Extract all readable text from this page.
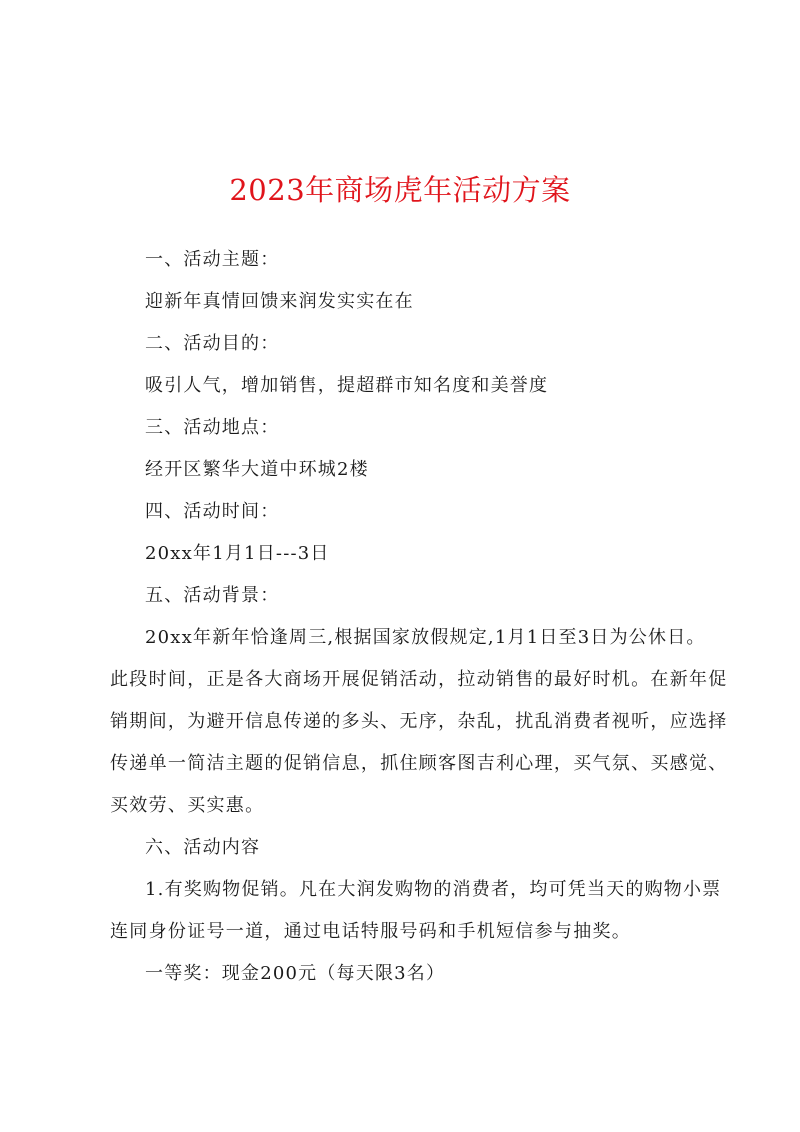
2023年商场虎年活动方案
一、活动主题：
迎新年真情回馈来润发实实在在
二、活动目的：
吸引人气，增加销售，提超群市知名度和美誉度
三、活动地点：
经开区繁华大道中环城2楼
四、活动时间：
20xx年1月1日---3日
五、活动背景：
20xx年新年恰逢周三,根据国家放假规定,1月1日至3日为公休日。
此段时间，正是各大商场开展促销活动，拉动销售的最好时机。在新年促
销期间，为避开信息传递的多头、无序，杂乱，扰乱消费者视听，应选择
传递单一简洁主题的促销信息，抓住顾客图吉利心理，买气氛、买感觉、
买效劳、买实惠。
六、活动内容
1.有奖购物促销。凡在大润发购物的消费者，均可凭当天的购物小票
连同身份证号一道，通过电话特服号码和手机短信参与抽奖。
一等奖：现金200元（每天限3名）
